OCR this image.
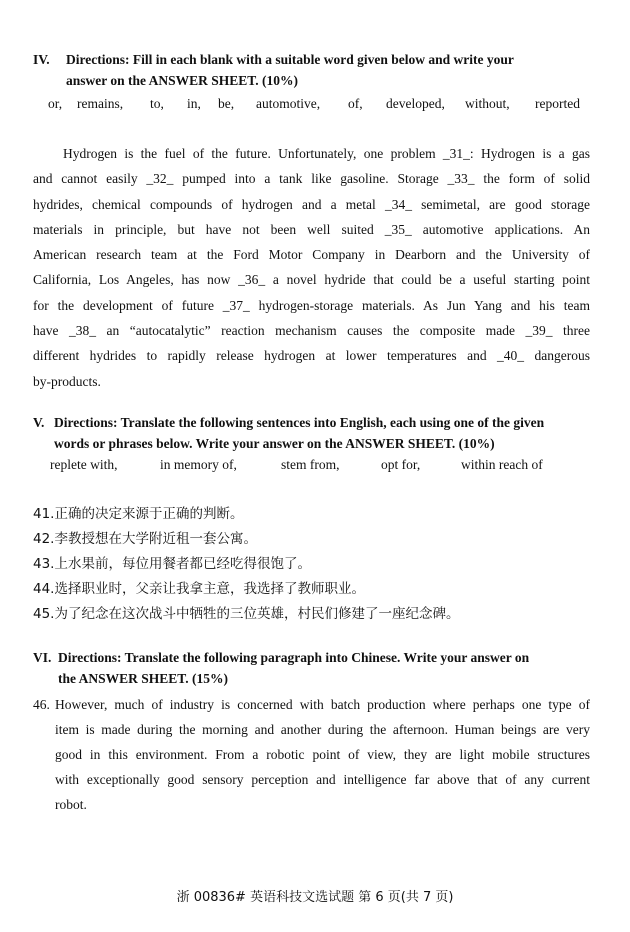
IV. Directions: Fill in each blank with a suitable word given below and write your
answer on the ANSWER SHEET. (10%)
or, remains, to, in, be, automotive, of, developed, without, reported
Hydrogen is the fuel of the future. Unfortunately, one problem _31_: Hydrogen is a gas
and cannot easily _32_ pumped into a tank like gasoline. Storage _33_ the form of solid
hydrides, chemical compounds of hydrogen and a metal _34_ semimetal, are good storage
materials in principle, but have not been well suited _35_ automotive applications. An
American research team at the Ford Motor Company in Dearborn and the University of
California, Los Angeles, has now _36_ a novel hydride that could be a useful starting point
for the development of future _37_ hydrogen-storage materials. As Jun Yang and his team
have _38_ an “autocatalytic” reaction mechanism causes the composite made _39_ three
different hydrides to rapidly release hydrogen at lower temperatures and _40_ dangerous
by-products.
V. Directions: Translate the following sentences into English, each using one of the given
words or phrases below. Write your answer on the ANSWER SHEET. (10%)
replete with,	in memory of,	stem from,	opt for,	within reach of
41.正确的决定来源于正确的判断。
42.李教授想在大学附近租一套公寓。
43.上水果前，每位用餐者都已经吃得很饱了。
44.选择职业时，父亲让我拿主意，我选择了教师职业。
45.为了纪念在这次战斗中牺牲的三位英雄，村民们修建了一座纪念碑。
VI. Directions: Translate the following paragraph into Chinese. Write your answer on
the ANSWER SHEET. (15%)
46. However, much of industry is concerned with batch production where perhaps one type of
item is made during the morning and another during the afternoon. Human beings are very
good in this environment. From a robotic point of view, they are light mobile structures
with exceptionally good sensory perception and intelligence far above that of any current
robot.
浙 00836# 英语科技文选试题 第 6 页(共 7 页)
